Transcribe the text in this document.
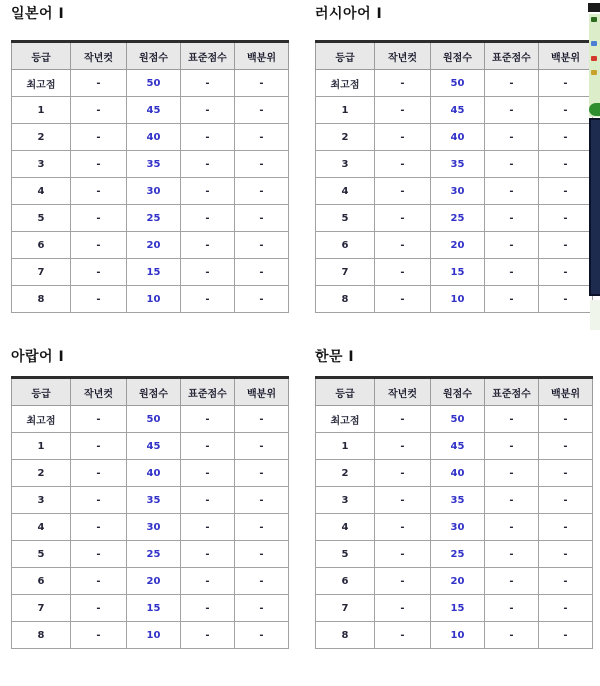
일본어 I
등급	작년컷	원점수	표준점수	백분위
최고점	-	50	-	-
1	-	45	-	-
2	-	40	-	-
3	-	35	-	-
4	-	30	-	-
5	-	25	-	-
6	-	20	-	-
7	-	15	-	-
8	-	10	-	-
러시아어 I
등급	작년컷	원점수	표준점수	백분위
최고점	-	50	-	-
1	-	45	-	-
2	-	40	-	-
3	-	35	-	-
4	-	30	-	-
5	-	25	-	-
6	-	20	-	-
7	-	15	-	-
8	-	10	-	-
아랍어 I
등급	작년컷	원점수	표준점수	백분위
최고점	-	50	-	-
1	-	45	-	-
2	-	40	-	-
3	-	35	-	-
4	-	30	-	-
5	-	25	-	-
6	-	20	-	-
7	-	15	-	-
8	-	10	-	-
한문 I
등급	작년컷	원점수	표준점수	백분위
최고점	-	50	-	-
1	-	45	-	-
2	-	40	-	-
3	-	35	-	-
4	-	30	-	-
5	-	25	-	-
6	-	20	-	-
7	-	15	-	-
8	-	10	-	-
